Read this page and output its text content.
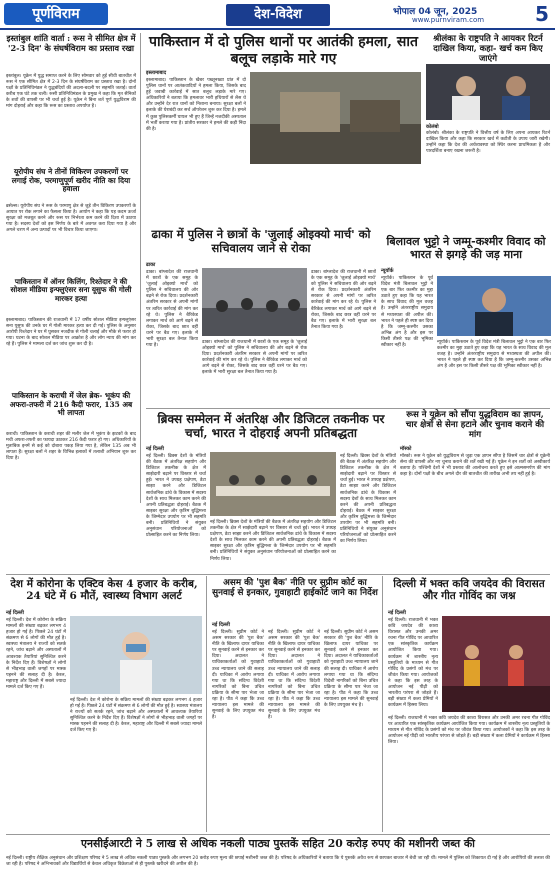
पूर्णविराम	देश-विदेश	भोपाल 04 जून, 2025
www.purnviram.com	5
इस्तांबुल शांति वार्ता : रूस ने सीमित क्षेत्र में '2-3 दिन' के संघर्षविराम का प्रस्ताव रखा
इस्तांबुल। यूक्रेन में युद्ध समाप्त करने के लिए सोमवार को हुई सीधी बातचीत में रूस ने एक सीमित क्षेत्र में 2-3 दिन के संघर्षविराम का प्रस्ताव रखा है। दोनों पक्षों के प्रतिनिधिमंडल ने युद्धबंदियों की अदला-बदली पर सहमति जताई। वार्ता करीब एक घंटे तक चली। रूसी प्रतिनिधिमंडल के प्रमुख ने कहा कि मृत सैनिकों के शवों की वापसी पर भी चर्चा हुई है। यूक्रेन ने बिना शर्त पूर्ण युद्धविराम की मांग दोहराई और कहा कि रूस का प्रस्ताव अपर्याप्त है।
यूरोपीय संघ ने तीनों विकिरण उपकरणों पर लगाई रोक, परमाणुपूर्ण खरीद नीति का दिया हवाला
ब्रसेल्स। यूरोपीय संघ ने रूस के परमाणु क्षेत्र से जुड़े तीन विकिरण उपकरणों के आयात पर रोक लगाने का फैसला किया है। आयोग ने कहा कि यह कदम ऊर्जा सुरक्षा को मजबूत करने और रूस पर निर्भरता कम करने की दिशा में उठाया गया है। सदस्य देशों को इस निर्णय के बारे में अवगत करा दिया गया है और अगले चरण में अन्य उत्पादों पर भी विचार किया जाएगा।
पाकिस्तान में ऑनर किलिंग, रिश्तेदार ने की सोशल मीडिया इन्फ्लुएंसर सना यूसुफ की गोली मारकर हत्या
इस्लामाबाद। पाकिस्तान की राजधानी में 17 वर्षीय सोशल मीडिया इन्फ्लुएंसर सना यूसुफ की उनके घर में गोली मारकर हत्या कर दी गई। पुलिस के अनुसार आरोपी रिश्तेदार ने घर में घुसकर नजदीक से गोली चलाई और मौके से फरार हो गया। घटना के बाद सोशल मीडिया पर आक्रोश है और लोग न्याय की मांग कर रहे हैं। पुलिस ने मामला दर्ज कर जांच शुरू कर दी है।
पाकिस्तान के कराची में जेल ब्रेक- भूकंप की अफरा-तफरी में 216 कैदी फरार, 135 अब भी लापता
कराची। पाकिस्तान के कराची शहर की मलीर जेल में भूकंप के झटकों के बाद मची अफरा-तफरी का फायदा उठाकर 216 कैदी फरार हो गए। अधिकारियों के मुताबिक इनमें से कई को दोबारा पकड़ लिया गया है, लेकिन 135 अब भी लापता हैं। सुरक्षा बलों ने शहर के विभिन्न इलाकों में तलाशी अभियान शुरू कर दिया है।
पाकिस्तान में दो पुलिस थानों पर आतंकी हमला, सात बलूच लड़ाके मारे गए
इस्लामाबाद
इस्लामाबाद। पाकिस्तान के खैबर पख्तूनख्वा प्रांत में दो पुलिस थानों पर आतंकवादियों ने हमला किया, जिसके बाद हुई जवाबी कार्रवाई में सात बलूच लड़ाके मारे गए। अधिकारियों ने बताया कि हमलावर भारी हथियारों से लैस थे और उन्होंने देर रात थानों को निशाना बनाया। सुरक्षा बलों ने इलाके की घेराबंदी कर सर्च ऑपरेशन शुरू कर दिया है। हमले में कुछ पुलिसकर्मी घायल भी हुए हैं जिन्हें नजदीकी अस्पताल में भर्ती कराया गया है। प्रांतीय सरकार ने हमले की कड़ी निंदा की है।
श्रीलंका के राष्ट्रपति ने आयकर रिटर्न दाखिल किया, कहा- खर्च कम किए जाएंगे
कोलंबो
कोलंबो। श्रीलंका के राष्ट्रपति ने वित्तीय वर्ष के लिए अपना आयकर रिटर्न दाखिल किया और कहा कि सरकार खर्च में कटौती के उपाय जारी रखेगी। उन्होंने कहा कि देश की अर्थव्यवस्था को स्थिर करना प्राथमिकता है और पारदर्शिता बनाए रखना जरूरी है।
ढाका में पुलिस ने छात्रों के 'जुलाई ओइक्यो मार्च' को सचिवालय जाने से रोका
ढाका
ढाका। बांग्लादेश की राजधानी में छात्रों के एक समूह के 'जुलाई ओइक्यो मार्च' को पुलिस ने सचिवालय की ओर बढ़ने से रोक दिया। प्रदर्शनकारी अंतरिम सरकार से अपनी मांगों पर त्वरित कार्रवाई की मांग कर रहे थे। पुलिस ने बैरिकेड लगाकर मार्च को आगे बढ़ने से रोका, जिसके बाद छात्र वहीं धरने पर बैठ गए। इलाके में भारी सुरक्षा बल तैनात किया गया है।
ढाका। बांग्लादेश की राजधानी में छात्रों के एक समूह के 'जुलाई ओइक्यो मार्च' को पुलिस ने सचिवालय की ओर बढ़ने से रोक दिया। प्रदर्शनकारी अंतरिम सरकार से अपनी मांगों पर त्वरित कार्रवाई की मांग कर रहे थे। पुलिस ने बैरिकेड लगाकर मार्च को आगे बढ़ने से रोका, जिसके बाद छात्र वहीं धरने पर बैठ गए। इलाके में भारी सुरक्षा बल तैनात किया गया है।
ढाका। बांग्लादेश की राजधानी में छात्रों के एक समूह के 'जुलाई ओइक्यो मार्च' को पुलिस ने सचिवालय की ओर बढ़ने से रोक दिया। प्रदर्शनकारी अंतरिम सरकार से अपनी मांगों पर त्वरित कार्रवाई की मांग कर रहे थे। पुलिस ने बैरिकेड लगाकर मार्च को आगे बढ़ने से रोका, जिसके बाद छात्र वहीं धरने पर बैठ गए। इलाके में भारी सुरक्षा बल तैनात किया गया है।
बिलावल भुट्टो ने जम्मू-कश्मीर विवाद को भारत से झगड़े की जड़ माना
न्यूयॉर्क
न्यूयॉर्क। पाकिस्तान के पूर्व विदेश मंत्री बिलावल भुट्टो ने एक बार फिर कश्मीर का मुद्दा उठाते हुए कहा कि यह भारत के साथ विवाद की मूल वजह है। उन्होंने अंतरराष्ट्रीय समुदाय से मध्यस्थता की अपील की। भारत ने पहले ही स्पष्ट कर दिया है कि जम्मू-कश्मीर उसका अभिन्न अंग है और इस पर किसी तीसरे पक्ष की भूमिका स्वीकार नहीं है।
न्यूयॉर्क। पाकिस्तान के पूर्व विदेश मंत्री बिलावल भुट्टो ने एक बार फिर कश्मीर का मुद्दा उठाते हुए कहा कि यह भारत के साथ विवाद की मूल वजह है। उन्होंने अंतरराष्ट्रीय समुदाय से मध्यस्थता की अपील की। भारत ने पहले ही स्पष्ट कर दिया है कि जम्मू-कश्मीर उसका अभिन्न अंग है और इस पर किसी तीसरे पक्ष की भूमिका स्वीकार नहीं है।
ब्रिक्स सम्मेलन में अंतरिक्ष और डिजिटल तकनीक पर चर्चा, भारत ने दोहराई अपनी प्रतिबद्धता
नई दिल्ली
नई दिल्ली। ब्रिक्स देशों के मंत्रियों की बैठक में अंतरिक्ष सहयोग और डिजिटल तकनीक के क्षेत्र में साझेदारी बढ़ाने पर विस्तार से चर्चा हुई। भारत ने उपग्रह प्रक्षेपण, डेटा साझा करने और डिजिटल सार्वजनिक ढांचे के विकास में सदस्य देशों के साथ मिलकर काम करने की अपनी प्रतिबद्धता दोहराई। बैठक में साइबर सुरक्षा और कृत्रिम बुद्धिमत्ता के जिम्मेदार उपयोग पर भी सहमति बनी। प्रतिनिधियों ने संयुक्त अनुसंधान परियोजनाओं को प्रोत्साहित करने का निर्णय लिया।
नई दिल्ली। ब्रिक्स देशों के मंत्रियों की बैठक में अंतरिक्ष सहयोग और डिजिटल तकनीक के क्षेत्र में साझेदारी बढ़ाने पर विस्तार से चर्चा हुई। भारत ने उपग्रह प्रक्षेपण, डेटा साझा करने और डिजिटल सार्वजनिक ढांचे के विकास में सदस्य देशों के साथ मिलकर काम करने की अपनी प्रतिबद्धता दोहराई। बैठक में साइबर सुरक्षा और कृत्रिम बुद्धिमत्ता के जिम्मेदार उपयोग पर भी सहमति बनी। प्रतिनिधियों ने संयुक्त अनुसंधान परियोजनाओं को प्रोत्साहित करने का निर्णय लिया।
नई दिल्ली। ब्रिक्स देशों के मंत्रियों की बैठक में अंतरिक्ष सहयोग और डिजिटल तकनीक के क्षेत्र में साझेदारी बढ़ाने पर विस्तार से चर्चा हुई। भारत ने उपग्रह प्रक्षेपण, डेटा साझा करने और डिजिटल सार्वजनिक ढांचे के विकास में सदस्य देशों के साथ मिलकर काम करने की अपनी प्रतिबद्धता दोहराई। बैठक में साइबर सुरक्षा और कृत्रिम बुद्धिमत्ता के जिम्मेदार उपयोग पर भी सहमति बनी। प्रतिनिधियों ने संयुक्त अनुसंधान परियोजनाओं को प्रोत्साहित करने का निर्णय लिया।
रूस ने यूक्रेन को सौंपा युद्धविराम का ज्ञापन, चार क्षेत्रों से सेना हटाने और चुनाव कराने की मांग
मॉस्को
मॉस्को। रूस ने यूक्रेन को युद्धविराम से जुड़ा एक ज्ञापन सौंपा है जिसमें चार क्षेत्रों से यूक्रेनी सेना की वापसी और नए चुनाव कराने की शर्तें रखी गई हैं। यूक्रेन ने इन शर्तों को अस्वीकार्य बताया है। पश्चिमी देशों ने भी प्रस्ताव की आलोचना करते हुए इसे आत्मसमर्पण की मांग कहा है। दोनों पक्षों के बीच अगले दौर की बातचीत की तारीख अभी तय नहीं हुई है।
देश में कोरोना के एक्टिव केस 4 हजार के करीब, 24 घंटे में 6 मौतें, स्वास्थ्य विभाग अलर्ट
नई दिल्ली
नई दिल्ली। देश में कोरोना के सक्रिय मामलों की संख्या बढ़कर लगभग 4 हजार हो गई है। पिछले 24 घंटों में संक्रमण से 6 लोगों की मौत हुई है। स्वास्थ्य मंत्रालय ने राज्यों को सतर्क रहने, जांच बढ़ाने और अस्पतालों में आवश्यक तैयारियां सुनिश्चित करने के निर्देश दिए हैं। विशेषज्ञों ने लोगों से भीड़भाड़ वाली जगहों पर मास्क पहनने की सलाह दी है। केरल, महाराष्ट्र और दिल्ली में सबसे ज्यादा मामले दर्ज किए गए हैं।
नई दिल्ली। देश में कोरोना के सक्रिय मामलों की संख्या बढ़कर लगभग 4 हजार हो गई है। पिछले 24 घंटों में संक्रमण से 6 लोगों की मौत हुई है। स्वास्थ्य मंत्रालय ने राज्यों को सतर्क रहने, जांच बढ़ाने और अस्पतालों में आवश्यक तैयारियां सुनिश्चित करने के निर्देश दिए हैं। विशेषज्ञों ने लोगों से भीड़भाड़ वाली जगहों पर मास्क पहनने की सलाह दी है। केरल, महाराष्ट्र और दिल्ली में सबसे ज्यादा मामले दर्ज किए गए हैं।
असम की 'पुश बैक' नीति पर सुप्रीम कोर्ट का सुनवाई से इनकार, गुवाहाटी हाईकोर्ट जाने का निर्देश
नई दिल्ली
नई दिल्ली। सुप्रीम कोर्ट ने असम सरकार की 'पुश बैक' नीति के खिलाफ दायर याचिका पर सुनवाई करने से इनकार कर दिया। अदालत ने याचिकाकर्ताओं को गुवाहाटी उच्च न्यायालय जाने की सलाह दी। याचिका में आरोप लगाया गया था कि संदिग्ध विदेशी नागरिकों को बिना उचित प्रक्रिया के सीमा पार भेजा जा रहा है। पीठ ने कहा कि उच्च न्यायालय इस मामले की सुनवाई के लिए उपयुक्त मंच है।
नई दिल्ली। सुप्रीम कोर्ट ने असम सरकार की 'पुश बैक' नीति के खिलाफ दायर याचिका पर सुनवाई करने से इनकार कर दिया। अदालत ने याचिकाकर्ताओं को गुवाहाटी उच्च न्यायालय जाने की सलाह दी। याचिका में आरोप लगाया गया था कि संदिग्ध विदेशी नागरिकों को बिना उचित प्रक्रिया के सीमा पार भेजा जा रहा है। पीठ ने कहा कि उच्च न्यायालय इस मामले की सुनवाई के लिए उपयुक्त मंच है।
नई दिल्ली। सुप्रीम कोर्ट ने असम सरकार की 'पुश बैक' नीति के खिलाफ दायर याचिका पर सुनवाई करने से इनकार कर दिया। अदालत ने याचिकाकर्ताओं को गुवाहाटी उच्च न्यायालय जाने की सलाह दी। याचिका में आरोप लगाया गया था कि संदिग्ध विदेशी नागरिकों को बिना उचित प्रक्रिया के सीमा पार भेजा जा रहा है। पीठ ने कहा कि उच्च न्यायालय इस मामले की सुनवाई के लिए उपयुक्त मंच है।
दिल्ली में भक्त कवि जयदेव की विरासत और गीत गोविंद का जश्न
नई दिल्ली
नई दिल्ली। राजधानी में भक्त कवि जयदेव की काव्य विरासत और उनकी अमर रचना गीत गोविंद पर आधारित एक सांस्कृतिक कार्यक्रम आयोजित किया गया। कार्यक्रम में शास्त्रीय नृत्य प्रस्तुतियों के माध्यम से गीत गोविंद के प्रसंगों को मंच पर जीवंत किया गया। आयोजकों ने कहा कि इस तरह के आयोजन नई पीढ़ी को भारतीय परंपरा से जोड़ते हैं। बड़ी संख्या में कला प्रेमियों ने कार्यक्रम में हिस्सा लिया।
नई दिल्ली। राजधानी में भक्त कवि जयदेव की काव्य विरासत और उनकी अमर रचना गीत गोविंद पर आधारित एक सांस्कृतिक कार्यक्रम आयोजित किया गया। कार्यक्रम में शास्त्रीय नृत्य प्रस्तुतियों के माध्यम से गीत गोविंद के प्रसंगों को मंच पर जीवंत किया गया। आयोजकों ने कहा कि इस तरह के आयोजन नई पीढ़ी को भारतीय परंपरा से जोड़ते हैं। बड़ी संख्या में कला प्रेमियों ने कार्यक्रम में हिस्सा लिया।
एनसीईआरटी ने 5 लाख से अधिक नकली पाठ्य पुस्तकें सहित 20 करोड़ रुपए की मशीनरी जब्त की
नई दिल्ली। राष्ट्रीय शैक्षिक अनुसंधान और प्रशिक्षण परिषद ने 5 लाख से अधिक नकली पाठ्य पुस्तकें और लगभग 20 करोड़ रुपए मूल्य की छपाई मशीनरी जब्त की है। परिषद के अधिकारियों ने बताया कि ये पुस्तकें अवैध रूप से छापकर बाजार में बेची जा रही थीं। मामले में पुलिस को शिकायत दी गई है और आरोपियों की तलाश की जा रही है। परिषद ने अभिभावकों और विद्यार्थियों से केवल अधिकृत विक्रेताओं से ही पुस्तकें खरीदने की अपील की है।
